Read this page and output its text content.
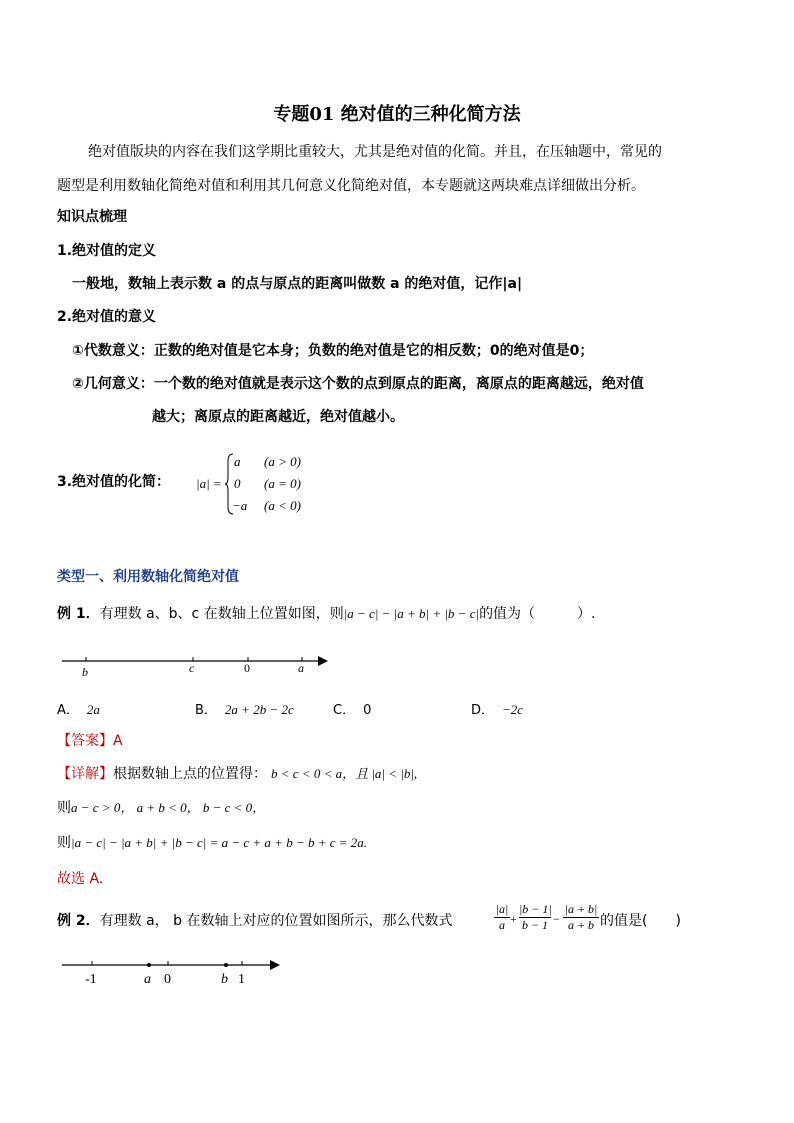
专题01 绝对值的三种化简方法
绝对值版块的内容在我们这学期比重较大，尤其是绝对值的化简。并且，在压轴题中，常见的
题型是利用数轴化简绝对值和利用其几何意义化简绝对值，本专题就这两块难点详细做出分析。
知识点梳理
1.绝对值的定义
一般地，数轴上表示数 a 的点与原点的距离叫做数 a 的绝对值，记作|a|
2.绝对值的意义
①代数意义：正数的绝对值是它本身；负数的绝对值是它的相反数；0的绝对值是0；
②几何意义：一个数的绝对值就是表示这个数的点到原点的距离，离原点的距离越远，绝对值
越大；离原点的距离越近，绝对值越小。
3.绝对值的化简： |a| =
a (a > 0)
0 (a = 0)
−a (a < 0)
类型一、利用数轴化简绝对值
例 1．有理数 a、b、c 在数轴上位置如图，则|a − c| − |a + b| + |b − c|的值为（　　　）.
b	c	0	a
A． 2a	B． 2a + 2b − 2c	C． 0	D． −2c
【答案】A
【详解】根据数轴上点的位置得： b < c < 0 < a，且 |a| < |b|,
则a − c > 0， a + b < 0， b − c < 0，
则|a − c| − |a + b| + |b − c| = a − c + a + b − b + c = 2a.
故选 A.
例 2．有理数 a， b 在数轴上对应的位置如图所示，那么代数式	$\frac{|a|}{a} + \frac{|b - 1|}{b - 1} - \frac{|a + b|}{a + b}$ 的值是(　　)
-1	a 0	b 1
